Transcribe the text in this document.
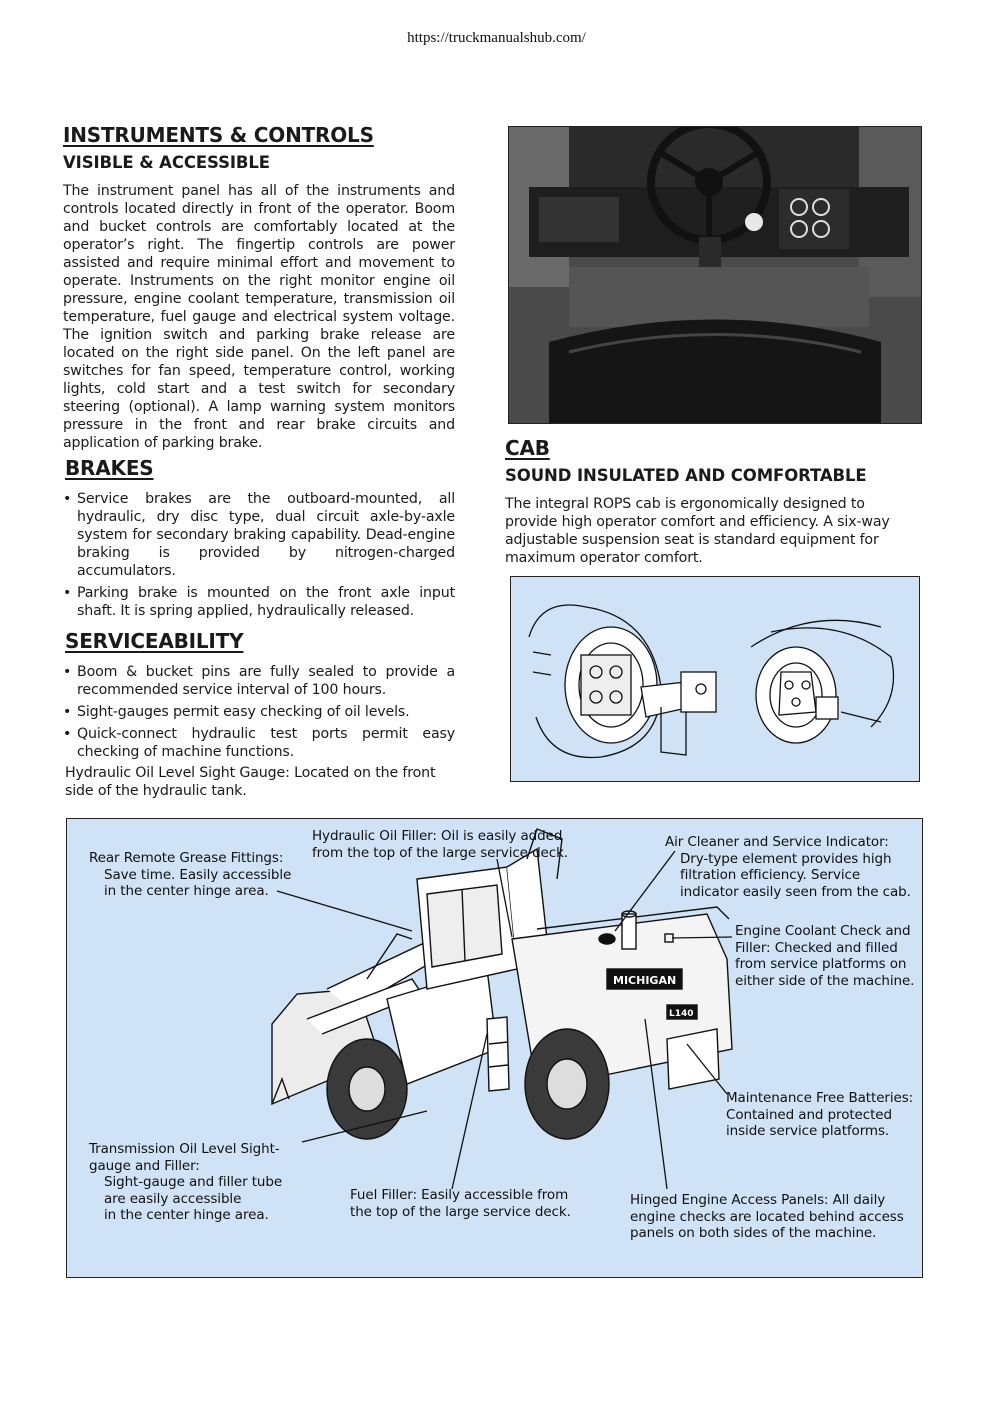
https://truckmanualshub.com/
INSTRUMENTS & CONTROLS
VISIBLE & ACCESSIBLE
The instrument panel has all of the instruments and controls located directly in front of the operator. Boom and bucket controls are comfortably located at the operator’s right. The fingertip controls are power assisted and require minimal effort and movement to operate. Instruments on the right monitor engine oil pressure, engine coolant temperature, transmission oil temperature, fuel gauge and electrical system voltage. The ignition switch and parking brake release are located on the right side panel. On the left panel are switches for fan speed, temperature control, working lights, cold start and a test switch for secondary steering (optional). A lamp warning system monitors pressure in the front and rear brake circuits and application of parking brake.
BRAKES
• Service brakes are the outboard-mounted, all hydraulic, dry disc type, dual circuit axle-by-axle system for secondary braking capability. Dead-engine braking is provided by nitrogen-charged accumulators.
• Parking brake is mounted on the front axle input shaft. It is spring applied, hydraulically released.
SERVICEABILITY
• Boom & bucket pins are fully sealed to provide a recommended service interval of 100 hours.
• Sight-gauges permit easy checking of oil levels.
• Quick-connect hydraulic test ports permit easy checking of machine functions.
Hydraulic Oil Level Sight Gauge: Located on the front side of the hydraulic tank.
CAB
SOUND INSULATED AND COMFORTABLE
The integral ROPS cab is ergonomically designed to provide high operator comfort and efficiency. A six-way adjustable suspension seat is standard equipment for maximum operator comfort.
MICHIGAN
L140
Rear Remote Grease Fittings:
Save time. Easily accessible
in the center hinge area.
Hydraulic Oil Filler: Oil is easily added
from the top of the large service deck.
Air Cleaner and Service Indicator:
Dry-type element provides high
filtration efficiency. Service
indicator easily seen from the cab.
Engine Coolant Check and
Filler: Checked and filled
from service platforms on
either side of the machine.
Maintenance Free Batteries:
Contained and protected
inside service platforms.
Transmission Oil Level Sight-
gauge and Filler:
Sight-gauge and filler tube
are easily accessible
in the center hinge area.
Fuel Filler: Easily accessible from
the top of the large service deck.
Hinged Engine Access Panels: All daily
engine checks are located behind access
panels on both sides of the machine.
